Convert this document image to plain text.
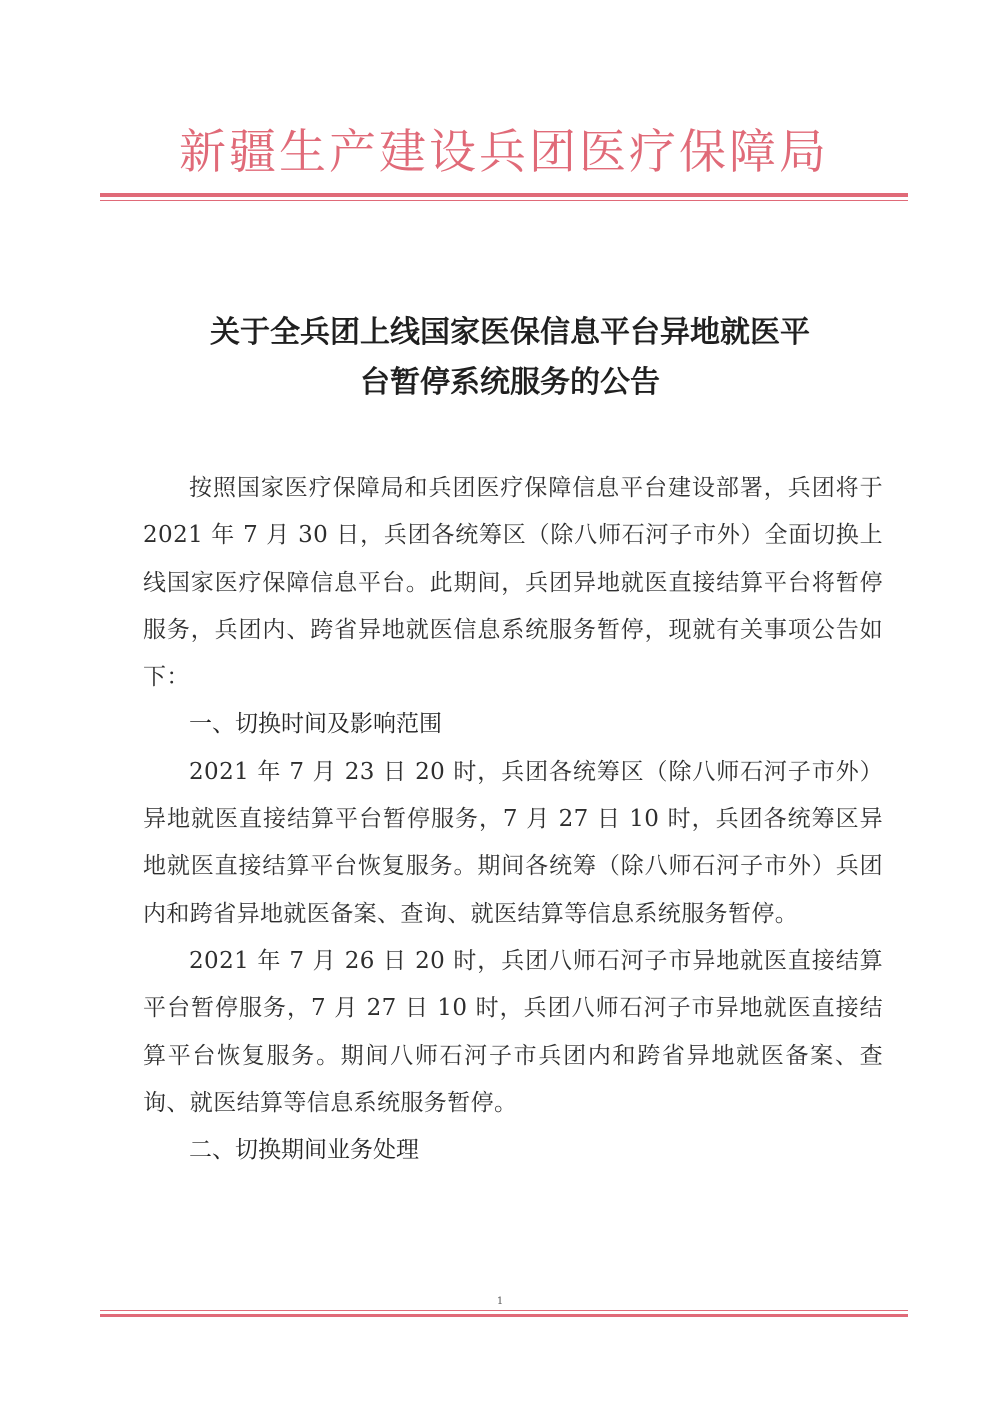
新疆生产建设兵团医疗保障局
关于全兵团上线国家医保信息平台异地就医平
台暂停系统服务的公告

按照国家医疗保障局和兵团医疗保障信息平台建设部署，兵团将于 2021 年 7 月 30 日，兵团各统筹区（除八师石河子市外）全面切换上线国家医疗保障信息平台。此期间，兵团异地就医直接结算平台将暂停服务，兵团内、跨省异地就医信息系统服务暂停，现就有关事项公告如下：

一、切换时间及影响范围

2021 年 7 月 23 日 20 时，兵团各统筹区（除八师石河子市外）异地就医直接结算平台暂停服务，7 月 27 日 10 时，兵团各统筹区异地就医直接结算平台恢复服务。期间各统筹（除八师石河子市外）兵团内和跨省异地就医备案、查询、就医结算等信息系统服务暂停。

2021 年 7 月 26 日 20 时，兵团八师石河子市异地就医直接结算平台暂停服务，7 月 27 日 10 时，兵团八师石河子市异地就医直接结算平台恢复服务。期间八师石河子市兵团内和跨省异地就医备案、查询、就医结算等信息系统服务暂停。

二、切换期间业务处理

1
